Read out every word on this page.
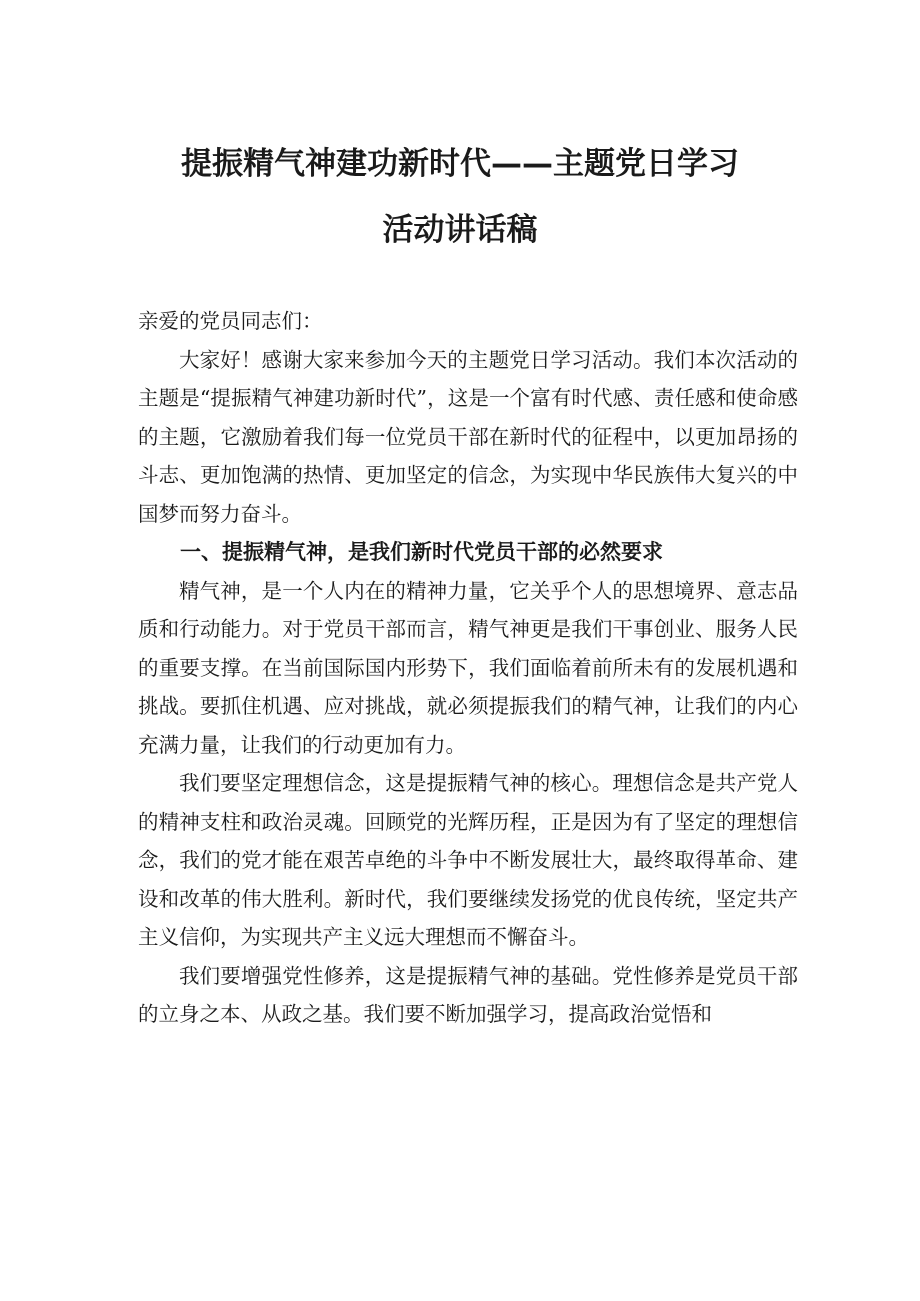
提振精气神建功新时代——主题党日学习
活动讲话稿

亲爱的党员同志们：

大家好！感谢大家来参加今天的主题党日学习活动。我们本次活动的主题是“提振精气神建功新时代”，这是一个富有时代感、责任感和使命感的主题，它激励着我们每一位党员干部在新时代的征程中，以更加昂扬的斗志、更加饱满的热情、更加坚定的信念，为实现中华民族伟大复兴的中国梦而努力奋斗。

一、提振精气神，是我们新时代党员干部的必然要求

精气神，是一个人内在的精神力量，它关乎个人的思想境界、意志品质和行动能力。对于党员干部而言，精气神更是我们干事创业、服务人民的重要支撑。在当前国际国内形势下，我们面临着前所未有的发展机遇和挑战。要抓住机遇、应对挑战，就必须提振我们的精气神，让我们的内心充满力量，让我们的行动更加有力。

我们要坚定理想信念，这是提振精气神的核心。理想信念是共产党人的精神支柱和政治灵魂。回顾党的光辉历程，正是因为有了坚定的理想信念，我们的党才能在艰苦卓绝的斗争中不断发展壮大，最终取得革命、建设和改革的伟大胜利。新时代，我们要继续发扬党的优良传统，坚定共产主义信仰，为实现共产主义远大理想而不懈奋斗。

我们要增强党性修养，这是提振精气神的基础。党性修养是党员干部的立身之本、从政之基。我们要不断加强学习，提高政治觉悟和
